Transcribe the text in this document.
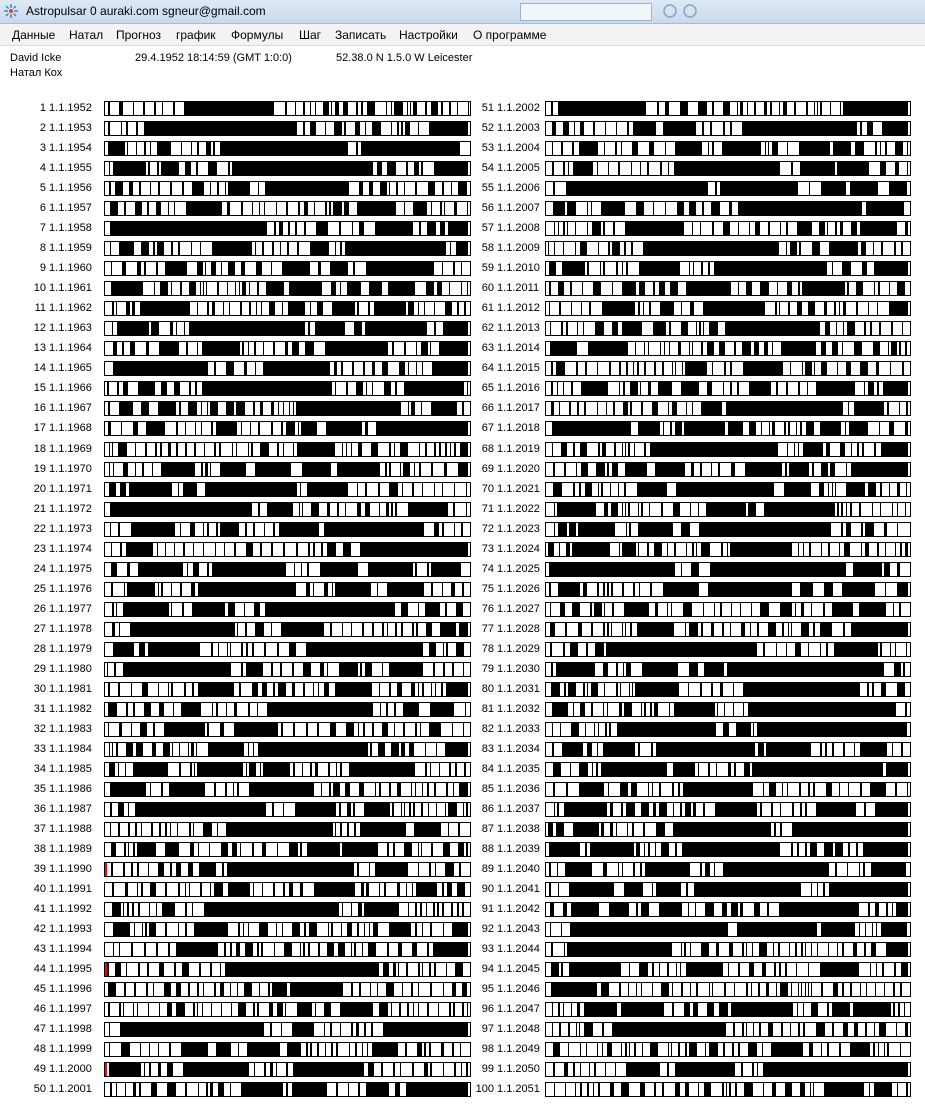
Astropulsar 0 auraki.com sgneur@gmail.com
Данные Натал Прогноз график Формулы Шаг Записать Настройки О программе
David Icke	29.4.1952 18:14:59 (GMT 1:0:0)	52.38.0 N 1.5.0 W Leicester
Натал Кох
1 1.1.1952
2 1.1.1953
3 1.1.1954
4 1.1.1955
5 1.1.1956
6 1.1.1957
7 1.1.1958
8 1.1.1959
9 1.1.1960
10 1.1.1961
11 1.1.1962
12 1.1.1963
13 1.1.1964
14 1.1.1965
15 1.1.1966
16 1.1.1967
17 1.1.1968
18 1.1.1969
19 1.1.1970
20 1.1.1971
21 1.1.1972
22 1.1.1973
23 1.1.1974
24 1.1.1975
25 1.1.1976
26 1.1.1977
27 1.1.1978
28 1.1.1979
29 1.1.1980
30 1.1.1981
31 1.1.1982
32 1.1.1983
33 1.1.1984
34 1.1.1985
35 1.1.1986
36 1.1.1987
37 1.1.1988
38 1.1.1989
39 1.1.1990
40 1.1.1991
41 1.1.1992
42 1.1.1993
43 1.1.1994
44 1.1.1995
45 1.1.1996
46 1.1.1997
47 1.1.1998
48 1.1.1999
49 1.1.2000
50 1.1.2001
51 1.1.2002
52 1.1.2003
53 1.1.2004
54 1.1.2005
55 1.1.2006
56 1.1.2007
57 1.1.2008
58 1.1.2009
59 1.1.2010
60 1.1.2011
61 1.1.2012
62 1.1.2013
63 1.1.2014
64 1.1.2015
65 1.1.2016
66 1.1.2017
67 1.1.2018
68 1.1.2019
69 1.1.2020
70 1.1.2021
71 1.1.2022
72 1.1.2023
73 1.1.2024
74 1.1.2025
75 1.1.2026
76 1.1.2027
77 1.1.2028
78 1.1.2029
79 1.1.2030
80 1.1.2031
81 1.1.2032
82 1.1.2033
83 1.1.2034
84 1.1.2035
85 1.1.2036
86 1.1.2037
87 1.1.2038
88 1.1.2039
89 1.1.2040
90 1.1.2041
91 1.1.2042
92 1.1.2043
93 1.1.2044
94 1.1.2045
95 1.1.2046
96 1.1.2047
97 1.1.2048
98 1.1.2049
99 1.1.2050
100 1.1.2051
